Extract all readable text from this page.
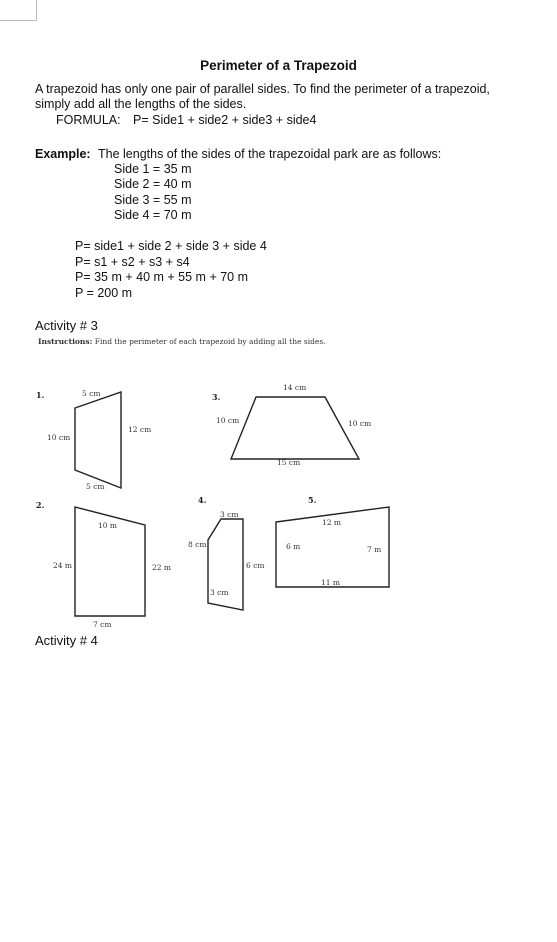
Perimeter of a Trapezoid
A trapezoid has only one pair of parallel sides. To find the perimeter of a trapezoid,
simply add all the lengths of the sides.
FORMULA: P= Side1 + side2 + side3 + side4
Example: The lengths of the sides of the trapezoidal park are as follows:
Side 1 = 35 m
Side 2 = 40 m
Side 3 = 55 m
Side 4 = 70 m
P= side1 + side 2 + side 3 + side 4
P= s1 + s2 + s3 + s4
P= 35 m + 40 m + 55 m + 70 m
P = 200 m
Activity # 3
Instructions: Find the perimeter of each trapezoid by adding all the sides.
1.	5 cm
12 cm
10 cm
5 cm
2.
10 m
24 m	22 m
7 cm
3.
14 cm
10 cm	10 cm
15 cm
4.
3 cm
8 cm
6 cm
3 cm
5.
12 m
6 m	7 m
11 m
Activity # 4
